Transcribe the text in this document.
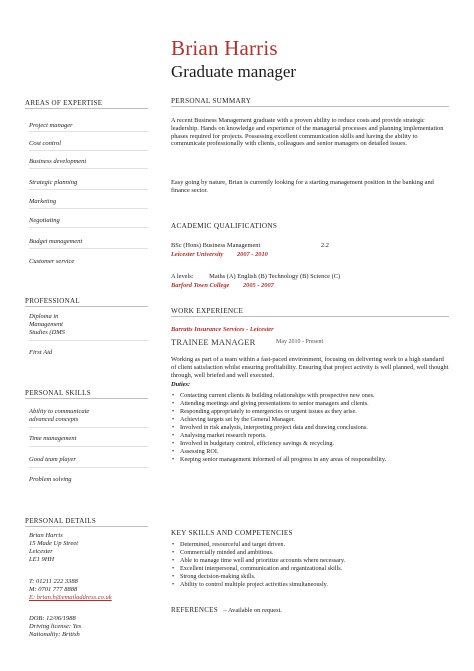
Brian Harris
Graduate manager
AREAS OF EXPERTISE
Project manager
Cost control
Business development
Strategic planning
Marketing
Negotiating
Budget management
Customer service
PROFESSIONAL
Diploma in
Management
Studies (DMS
First Aid
PERSONAL SKILLS
Ability to communicate
advanced concepts
Time management
Good team player
Problem solving
PERSONAL DETAILS
Brian Harris
15 Made Up Street
Leicester
LE1 9HH
T: 01211 222 3388
M: 0701 777 8888
E: brian.h@emailaddress.co.uk
DOB: 12/06/1988
Driving license: Yes
Nationality: British
PERSONAL SUMMARY
A recent Business Management graduate with a proven ability to reduce costs and provide strategic leadership. Hands on knowledge and experience of the managerial processes and planning implementation phases required for projects. Possessing excellent communication skills and having the ability to communicate professionally with clients, colleagues and senior managers on detailed issues.
Easy going by nature, Brian is currently looking for a starting management position in the banking and finance sector.
ACADEMIC QUALIFICATIONS
BSc (Hons) Business Management	2.2
Leicester University 2007 - 2010
A levels: Maths (A) English (B) Technology (B) Science (C)
Barford Town College 2005 - 2007
WORK EXPERIENCE
Barratts Insurance Services - Leicester
TRAINEE MANAGER	May 2010 - Present
Working as part of a team within a fast-paced environment, focusing on delivering work to a high standard of client satisfaction whilst ensuring profitability. Ensuring that project activity is well planned, well thought through, well briefed and well executed.
Duties:
• Contacting current clients & building relationships with prospective new ones.
• Attending meetings and giving presentations to senior managers and clients.
• Responding appropriately to emergencies or urgent issues as they arise.
• Achieving targets set by the General Manager.
• Involved in risk analysis, interpreting project data and drawing conclusions.
• Analysing market research reports.
• Involved in budgetary control, efficiency savings & recycling.
• Assessing ROI.
• Keeping senior management informed of all progress in any areas of responsibility.
KEY SKILLS AND COMPETENCIES
• Determined, resourceful and target driven.
• Commercially minded and ambitious.
• Able to manage time well and prioritize accounts where necessary.
• Excellent interpersonal, communication and organizational skills.
• Strong decision-making skills.
• Ability to control multiple project activities simultaneously.
REFERENCES – Available on request.
